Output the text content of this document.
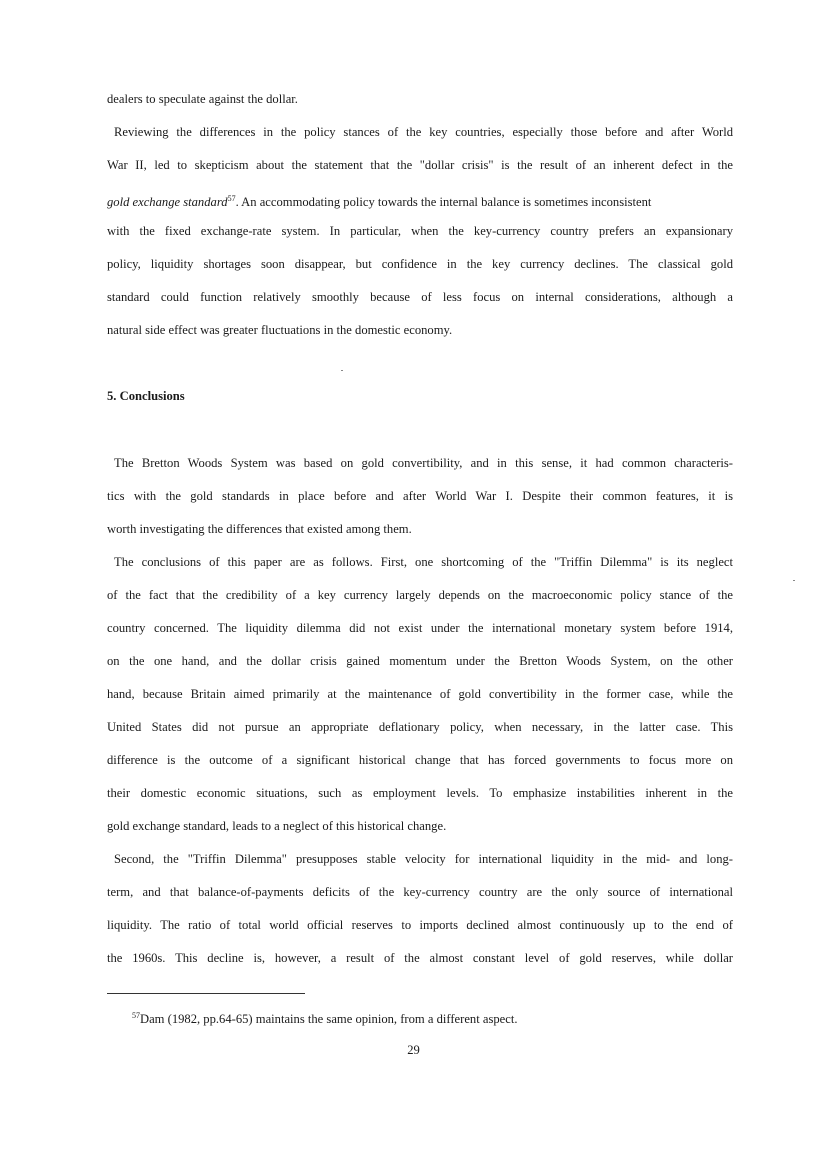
dealers to speculate against the dollar.
Reviewing the differences in the policy stances of the key countries, especially those before and after World
War II, led to skepticism about the statement that the "dollar crisis" is the result of an inherent defect in the
gold exchange standard$^{57}$. An accommodating policy towards the internal balance is sometimes inconsistent
with the fixed exchange-rate system. In particular, when the key-currency country prefers an expansionary
policy, liquidity shortages soon disappear, but confidence in the key currency declines. The classical gold
standard could function relatively smoothly because of less focus on internal considerations, although a
natural side effect was greater fluctuations in the domestic economy.
5. Conclusions
The Bretton Woods System was based on gold convertibility, and in this sense, it had common characteris-
tics with the gold standards in place before and after World War I. Despite their common features, it is
worth investigating the differences that existed among them.
The conclusions of this paper are as follows. First, one shortcoming of the "Triffin Dilemma" is its neglect
of the fact that the credibility of a key currency largely depends on the macroeconomic policy stance of the
country concerned. The liquidity dilemma did not exist under the international monetary system before 1914,
on the one hand, and the dollar crisis gained momentum under the Bretton Woods System, on the other
hand, because Britain aimed primarily at the maintenance of gold convertibility in the former case, while the
United States did not pursue an appropriate deflationary policy, when necessary, in the latter case. This
difference is the outcome of a significant historical change that has forced governments to focus more on
their domestic economic situations, such as employment levels. To emphasize instabilities inherent in the
gold exchange standard, leads to a neglect of this historical change.
Second, the "Triffin Dilemma" presupposes stable velocity for international liquidity in the mid- and long-
term, and that balance-of-payments deficits of the key-currency country are the only source of international
liquidity. The ratio of total world official reserves to imports declined almost continuously up to the end of
the 1960s. This decline is, however, a result of the almost constant level of gold reserves, while dollar
$^{57}$Dam (1982, pp.64-65) maintains the same opinion, from a different aspect.
29
